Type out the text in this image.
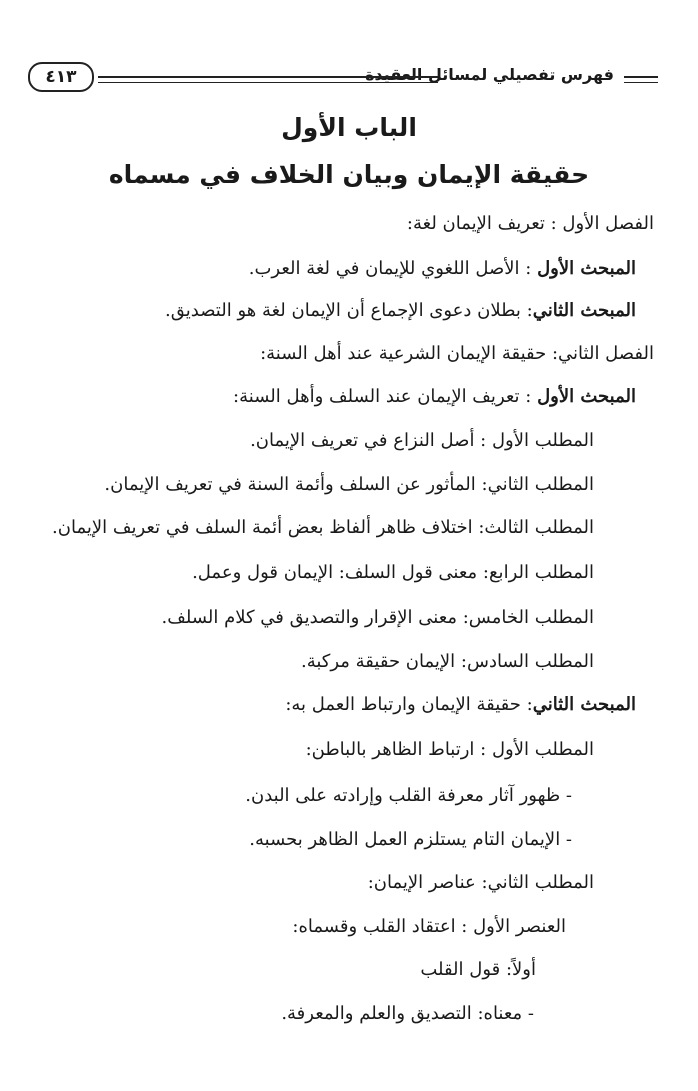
فهرس تفصيلي لمسائل العقيدة
٤١٣
الباب الأول
حقيقة الإيمان وبيان الخلاف في مسماه
الفصل الأول : تعريف الإيمان لغة:
المبحث الأول : الأصل اللغوي للإيمان في لغة العرب.
المبحث الثاني: بطلان دعوى الإجماع أن الإيمان لغة هو التصديق.
الفصل الثاني: حقيقة الإيمان الشرعية عند أهل السنة:
المبحث الأول : تعريف الإيمان عند السلف وأهل السنة:
المطلب الأول : أصل النزاع في تعريف الإيمان.
المطلب الثاني: المأثور عن السلف وأئمة السنة في تعريف الإيمان.
المطلب الثالث: اختلاف ظاهر ألفاظ بعض أئمة السلف في تعريف الإيمان.
المطلب الرابع: معنى قول السلف: الإيمان قول وعمل.
المطلب الخامس: معنى الإقرار والتصديق في كلام السلف.
المطلب السادس: الإيمان حقيقة مركبة.
المبحث الثاني: حقيقة الإيمان وارتباط العمل به:
المطلب الأول : ارتباط الظاهر بالباطن:
- ظهور آثار معرفة القلب وإرادته على البدن.
- الإيمان التام يستلزم العمل الظاهر بحسبه.
المطلب الثاني: عناصر الإيمان:
العنصر الأول : اعتقاد القلب وقسماه:
أولاً: قول القلب
- معناه: التصديق والعلم والمعرفة.
